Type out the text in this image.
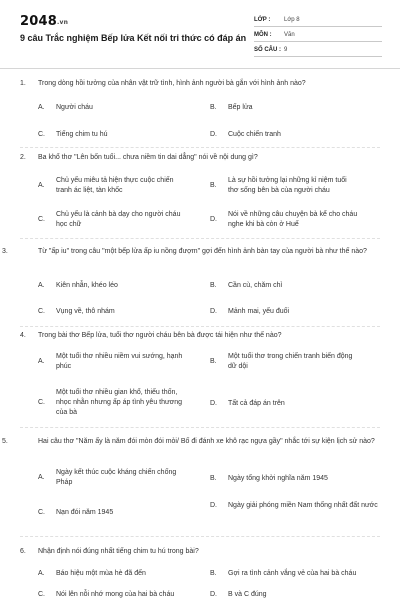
2048.vn
9 câu Trắc nghiệm Bếp lửa Kết nối tri thức có đáp án
LỚP :	Lớp 8
MÔN :	Văn
SỐ CÂU : 9
1. Trong dòng hồi tưởng của nhân vật trữ tình, hình ảnh người bà gắn với hình ảnh nào?
A.	Người cháu	B.	Bếp lửa
C.	Tiếng chim tu hú	D.	Cuộc chiến tranh
2. Ba khổ thơ "Lên bốn tuổi... chưa niềm tin dai dẳng" nói về nội dung gì?
A.
Chủ yếu miêu tả hiện thực cuộc chiến tranh ác liệt, tàn khốc
B.
Là sự hồi tưởng lại những kỉ niệm tuổi thơ sống bên bà của người cháu
C.
Chủ yếu là cảnh bà dạy cho người cháu học chữ
D.
Nói về những câu chuyện bà kể cho cháu nghe khi bà còn ở Huế
3.	Từ "ấp iu" trong câu "một bếp lửa ấp iu nồng đượm" gợi đến hình ảnh bàn tay của người bà như thế nào?
A.	Kiên nhẫn, khéo léo	B.	Cần cù, chăm chỉ
C.	Vụng về, thô nhám	D.	Mảnh mai, yếu đuối
4. Trong bài thơ Bếp lửa, tuổi thơ người cháu bên bà được tái hiện như thế nào?
A.
Một tuổi thơ nhiều niềm vui sướng, hạnh phúc
B.
Một tuổi thơ trong chiến tranh biến động dữ dội
C.
Một tuổi thơ nhiều gian khổ, thiếu thốn, nhọc nhằn nhưng ấp áp tình yêu thương của bà
D.	Tất cả đáp án trên
5.	Hai câu thơ "Năm ấy là năm đói mòn đói mỏi/ Bố đi đánh xe khô rạc ngựa gầy" nhắc tới sự kiện lịch sử nào?
A.
Ngày kết thúc cuộc kháng chiến chống Pháp
B.	Ngày tổng khởi nghĩa năm 1945
C.	Nạn đói năm 1945
D.	Ngày giải phóng miền Nam thống nhất đất nước
6. Nhận định nói đúng nhất tiếng chim tu hú trong bài?
A.	Báo hiệu một mùa hè đã đến	B.	Gợi ra tình cảnh vắng vẻ của hai bà cháu
C.	Nói lên nỗi nhớ mong của hai bà cháu	D.	B và C đúng
